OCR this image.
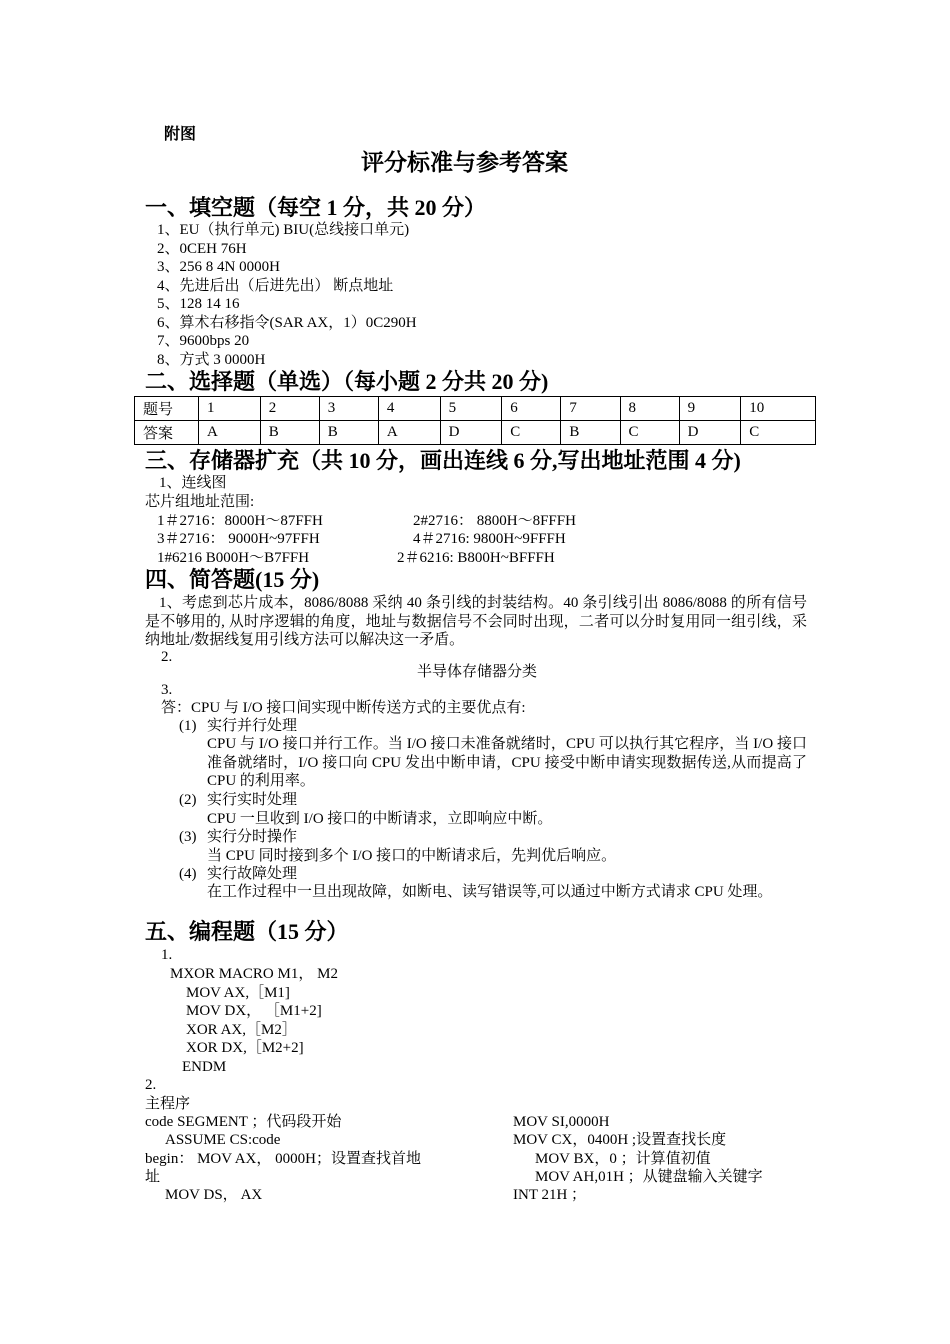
附图
评分标准与参考答案
一、填空题（每空 1 分，共 20 分）
1、EU（执行单元) BIU(总线接口单元)
2、0CEH 76H
3、256 8 4N 0000H
4、先进后出（后进先出） 断点地址
5、128 14 16
6、算术右移指令(SAR AX，1）0C290H
7、9600bps 20
8、方式 3 0000H
二、选择题（单选）（每小题 2 分共 20 分)
题号	1	2	3	4	5	6	7	8	9	10
答案	A	B	B	A	D	C	B	C	D	C
三、存储器扩充（共 10 分，画出连线 6 分,写出地址范围 4 分)
1、连线图
芯片组地址范围:
1＃2716：8000H～87FFH	2#2716： 8800H～8FFFH
3＃2716： 9000H~97FFH	4＃2716: 9800H~9FFFH
1#6216 B000H～B7FFH	2＃6216: B800H~BFFFH
四、简答题(15 分)
1、考虑到芯片成本，8086/8088 采纳 40 条引线的封装结构。40 条引线引出 8086/8088 的所有信号是不够用的, 从时序逻辑的角度，地址与数据信号不会同时出现，二者可以分时复用同一组引线，采纳地址/数据线复用引线方法可以解决这一矛盾。
2.
半导体存储器分类
3.
答：CPU 与 I/O 接口间实现中断传送方式的主要优点有:
(1) 实行并行处理
CPU 与 I/O 接口并行工作。当 I/O 接口未准备就绪时，CPU 可以执行其它程序，当 I/O 接口准备就绪时，I/O 接口向 CPU 发出中断申请，CPU 接受中断申请实现数据传送,从而提高了 CPU 的利用率。
(2) 实行实时处理
CPU 一旦收到 I/O 接口的中断请求，立即响应中断。
(3) 实行分时操作
当 CPU 同时接到多个 I/O 接口的中断请求后，先判优后响应。
(4) 实行故障处理
在工作过程中一旦出现故障，如断电、读写错误等,可以通过中断方式请求 CPU 处理。
五、编程题（15 分）
1.
MXOR MACRO M1， M2
MOV AX,［M1]
MOV DX， ［M1+2]
XOR AX,［M2］
XOR DX,［M2+2]
ENDM
2.
主程序
code SEGMENT ；代码段开始
ASSUME CS:code
begin： MOV AX， 0000H；设置查找首地
址
MOV DS， AX
MOV SI,0000H
MOV CX，0400H ;设置查找长度
MOV BX，0 ；计算值初值
MOV AH,01H ；从键盘输入关键字
INT 21H ；
